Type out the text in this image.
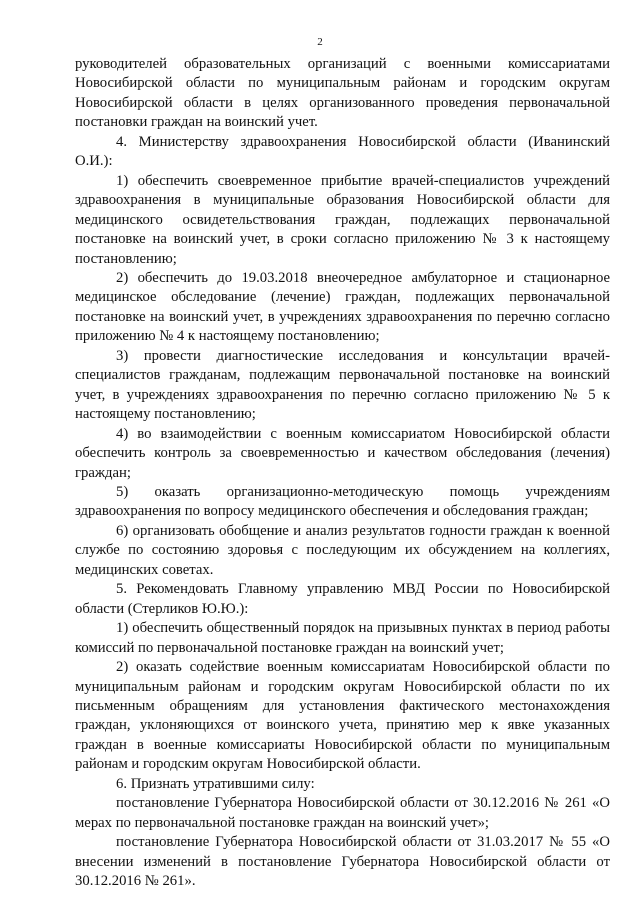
2

руководителей образовательных организаций с военными комиссариатами Новосибирской области по муниципальным районам и городским округам Новосибирской области в целях организованного проведения первоначальной постановки граждан на воинский учет.

4. Министерству здравоохранения Новосибирской области (Иванинский О.И.):

1) обеспечить своевременное прибытие врачей-специалистов учреждений здравоохранения в муниципальные образования Новосибирской области для медицинского освидетельствования граждан, подлежащих первоначальной постановке на воинский учет, в сроки согласно приложению № 3 к настоящему постановлению;

2) обеспечить до 19.03.2018 внеочередное амбулаторное и стационарное медицинское обследование (лечение) граждан, подлежащих первоначальной постановке на воинский учет, в учреждениях здравоохранения по перечню согласно приложению № 4 к настоящему постановлению;

3) провести диагностические исследования и консультации врачей-специалистов гражданам, подлежащим первоначальной постановке на воинский учет, в учреждениях здравоохранения по перечню согласно приложению № 5 к настоящему постановлению;

4) во взаимодействии с военным комиссариатом Новосибирской области обеспечить контроль за своевременностью и качеством обследования (лечения) граждан;

5) оказать организационно-методическую помощь учреждениям здравоохранения по вопросу медицинского обеспечения и обследования граждан;

6) организовать обобщение и анализ результатов годности граждан к военной службе по состоянию здоровья с последующим их обсуждением на коллегиях, медицинских советах.

5. Рекомендовать Главному управлению МВД России по Новосибирской области (Стерликов Ю.Ю.):

1) обеспечить общественный порядок на призывных пунктах в период работы комиссий по первоначальной постановке граждан на воинский учет;

2) оказать содействие военным комиссариатам Новосибирской области по муниципальным районам и городским округам Новосибирской области по их письменным обращениям для установления фактического местонахождения граждан, уклоняющихся от воинского учета, принятию мер к явке указанных граждан в военные комиссариаты Новосибирской области по муниципальным районам и городским округам Новосибирской области.

6. Признать утратившими силу:

постановление Губернатора Новосибирской области от 30.12.2016 № 261 «О мерах по первоначальной постановке граждан на воинский учет»;

постановление Губернатора Новосибирской области от 31.03.2017 № 55 «О внесении изменений в постановление Губернатора Новосибирской области от 30.12.2016 № 261».
